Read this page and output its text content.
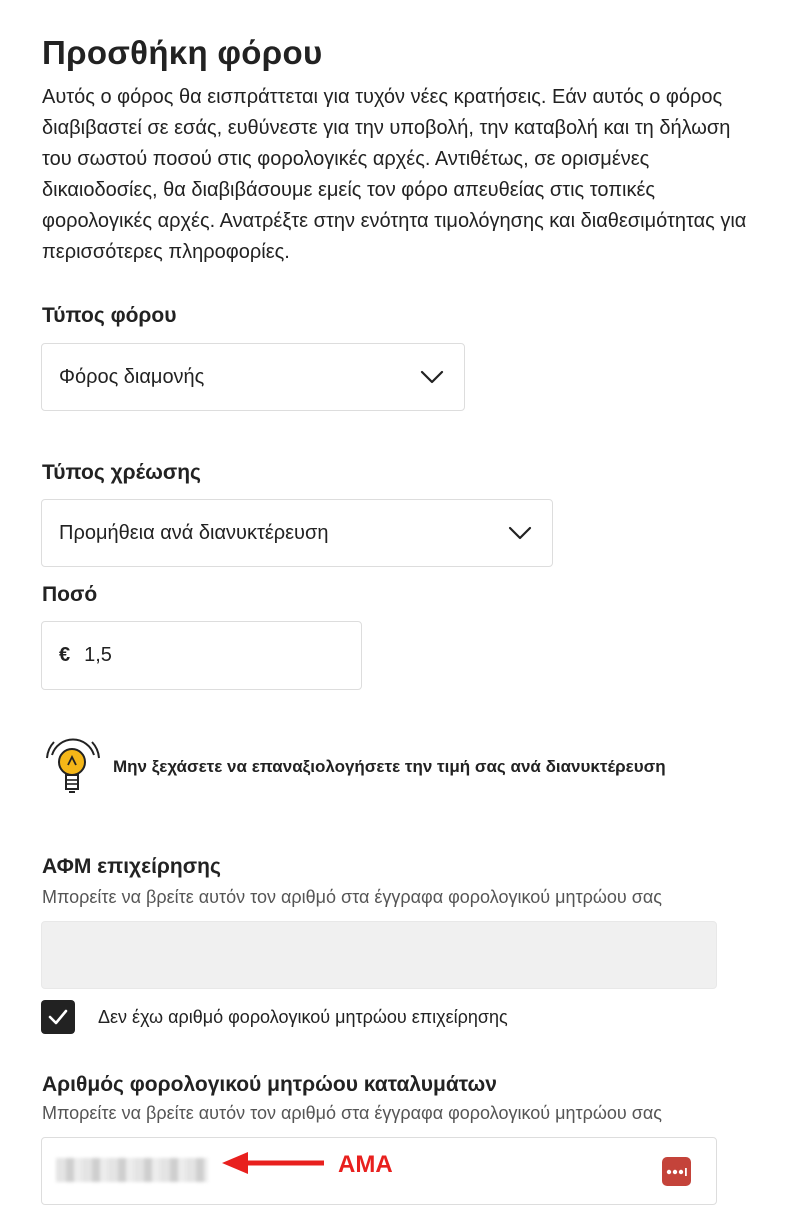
Προσθήκη φόρου
Αυτός ο φόρος θα εισπράττεται για τυχόν νέες κρατήσεις. Εάν αυτός ο φόρος διαβιβαστεί σε εσάς, ευθύνεστε για την υποβολή, την καταβολή και τη δήλωση του σωστού ποσού στις φορολογικές αρχές. Αντιθέτως, σε ορισμένες δικαιοδοσίες, θα διαβιβάσουμε εμείς τον φόρο απευθείας στις τοπικές φορολογικές αρχές. Ανατρέξτε στην ενότητα τιμολόγησης και διαθεσιμότητας για περισσότερες πληροφορίες.
Τύπος φόρου
Φόρος διαμονής
Τύπος χρέωσης
Προμήθεια ανά διανυκτέρευση
Ποσό
€ 1,5
Μην ξεχάσετε να επαναξιολογήσετε την τιμή σας ανά διανυκτέρευση
ΑΦΜ επιχείρησης
Μπορείτε να βρείτε αυτόν τον αριθμό στα έγγραφα φορολογικού μητρώου σας
Δεν έχω αριθμό φορολογικού μητρώου επιχείρησης
Αριθμός φορολογικού μητρώου καταλυμάτων
Μπορείτε να βρείτε αυτόν τον αριθμό στα έγγραφα φορολογικού μητρώου σας
AMA
